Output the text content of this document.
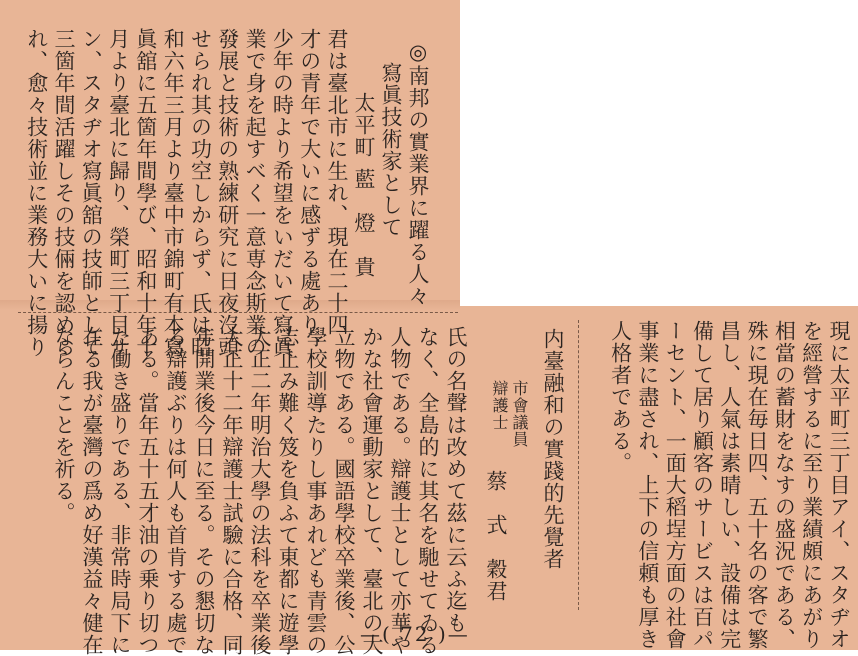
◎南邦の實業界に躍る人々
寫眞技術家として
太平町
藍　燈　貴
君は臺北市に生れ、現在二十四
才の青年で大いに感ずる處あり、
少年の時より希望をいだいて寫眞
業で身を起すべく一意専念斯業の
發展と技術の熟練研究に日夜沒頭
せられ其の功空しからず、氏は昭
和六年三月より臺中市錦町有本寫
眞舘に五箇年間學び、昭和十年十
月より臺北に歸り、榮町三丁目サ
ン、スタヂオ寫眞舘の技師として
三箇年間活躍しその技倆を認めら
れ、愈々技術並に業務大いに揚り
現に太平町三丁目アイ、スタヂオ
を經營するに至り業績頗にあがり
相當の蓄財をなすの盛況である、
殊に現在毎日四、五十名の客で繁
昌し、人氣は素晴しい、設備は完
備して居り顧客のサービスは百パ
ーセント、一面大稻埕方面の社會
事業に盡され、上下の信頼も厚き
人格者である。
内臺融和の實踐的先覺者
市會議員
辯護士
蔡　式　穀君
氏の名聲は改めて茲に云ふ迄も
なく、全島的に其名を馳せてゐる
人物である。辯護士として亦華や
かな社會運動家として、臺北の大
立物である。國語學校卒業後、公
學校訓導たりし事あれども青雲の
志止み難く笈を負ふて東都に遊學
大正二年明治大學の法科を卒業後
大正十二年辯護士試驗に合格、同
年開業後今日に至る。その懇切な
る辯護ぶりは何人も首肯する處で
ある。當年五十五才油の乗り切つ
た働き盛りである、非常時局下に
在る我が臺灣の爲め好漢益々健在
ならんことを祈る。
—( 72 )—
